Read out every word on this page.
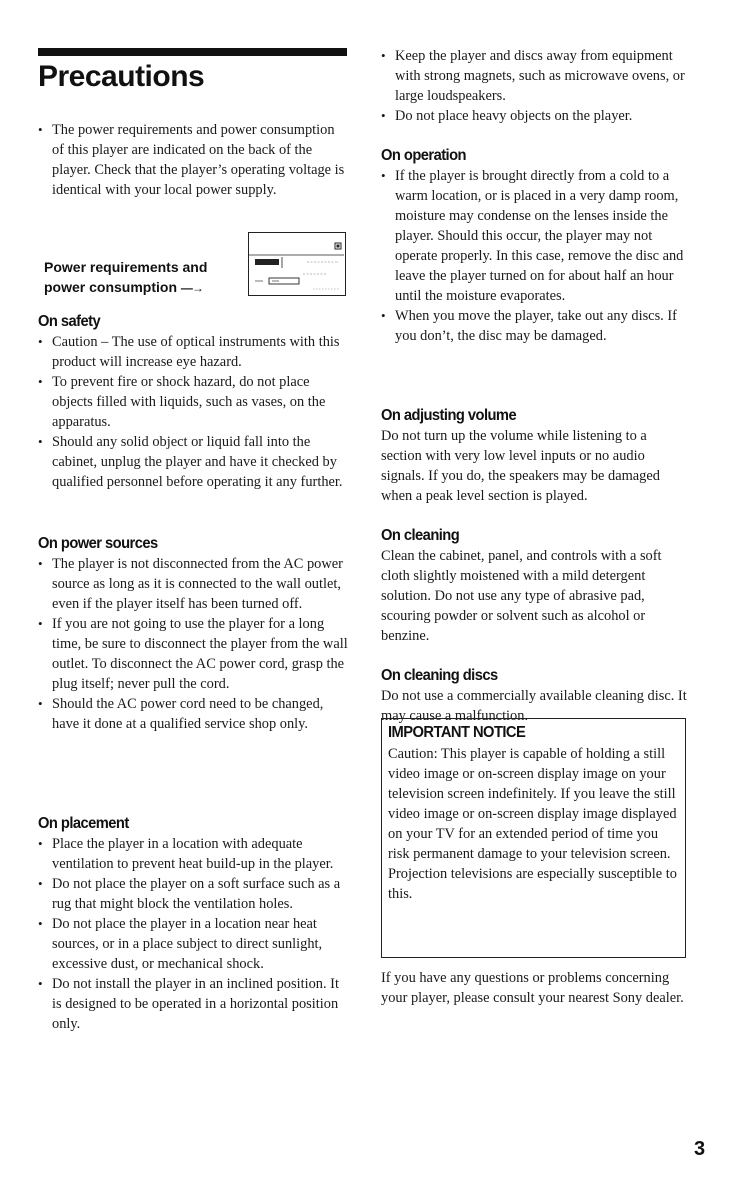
Precautions
• The power requirements and power consumption of this player are indicated on the back of the player. Check that the player’s operating voltage is identical with your local power supply.
On safety
• Caution – The use of optical instruments with this product will increase eye hazard.
• To prevent fire or shock hazard, do not place objects filled with liquids, such as vases, on the apparatus.
• Should any solid object or liquid fall into the cabinet, unplug the player and have it checked by qualified personnel before operating it any further.
On power sources
• The player is not disconnected from the AC power source as long as it is connected to the wall outlet, even if the player itself has been turned off.
• If you are not going to use the player for a long time, be sure to disconnect the player from the wall outlet. To disconnect the AC power cord, grasp the plug itself; never pull the cord.
• Should the AC power cord need to be changed, have it done at a qualified service shop only.
On placement
• Place the player in a location with adequate ventilation to prevent heat build-up in the player.
• Do not place the player on a soft surface such as a rug that might block the ventilation holes.
• Do not place the player in a location near heat sources, or in a place subject to direct sunlight, excessive dust, or mechanical shock.
• Do not install the player in an inclined position. It is designed to be operated in a horizontal position only.
Power requirements and
power consumption —→
• Keep the player and discs away from equipment with strong magnets, such as microwave ovens, or large loudspeakers.
• Do not place heavy objects on the player.
On operation
• If the player is brought directly from a cold to a warm location, or is placed in a very damp room, moisture may condense on the lenses inside the player. Should this occur, the player may not operate properly. In this case, remove the disc and leave the player turned on for about half an hour until the moisture evaporates.
• When you move the player, take out any discs. If you don’t, the disc may be damaged.
On adjusting volume

Do not turn up the volume while listening to a section with very low level inputs or no audio signals. If you do, the speakers may be damaged when a peak level section is played.

On cleaning

Clean the cabinet, panel, and controls with a soft cloth slightly moistened with a mild detergent solution. Do not use any type of abrasive pad, scouring powder or solvent such as alcohol or benzine.

On cleaning discs

Do not use a commercially available cleaning disc. It may cause a malfunction.

If you have any questions or problems concerning your player, please consult your nearest Sony dealer.

IMPORTANT NOTICE

Caution: This player is capable of holding a still video image or on-screen display image on your television screen indefinitely. If you leave the still video image or on-screen display image displayed on your TV for an extended period of time you risk permanent damage to your television screen. Projection televisions are especially susceptible to this.

3
